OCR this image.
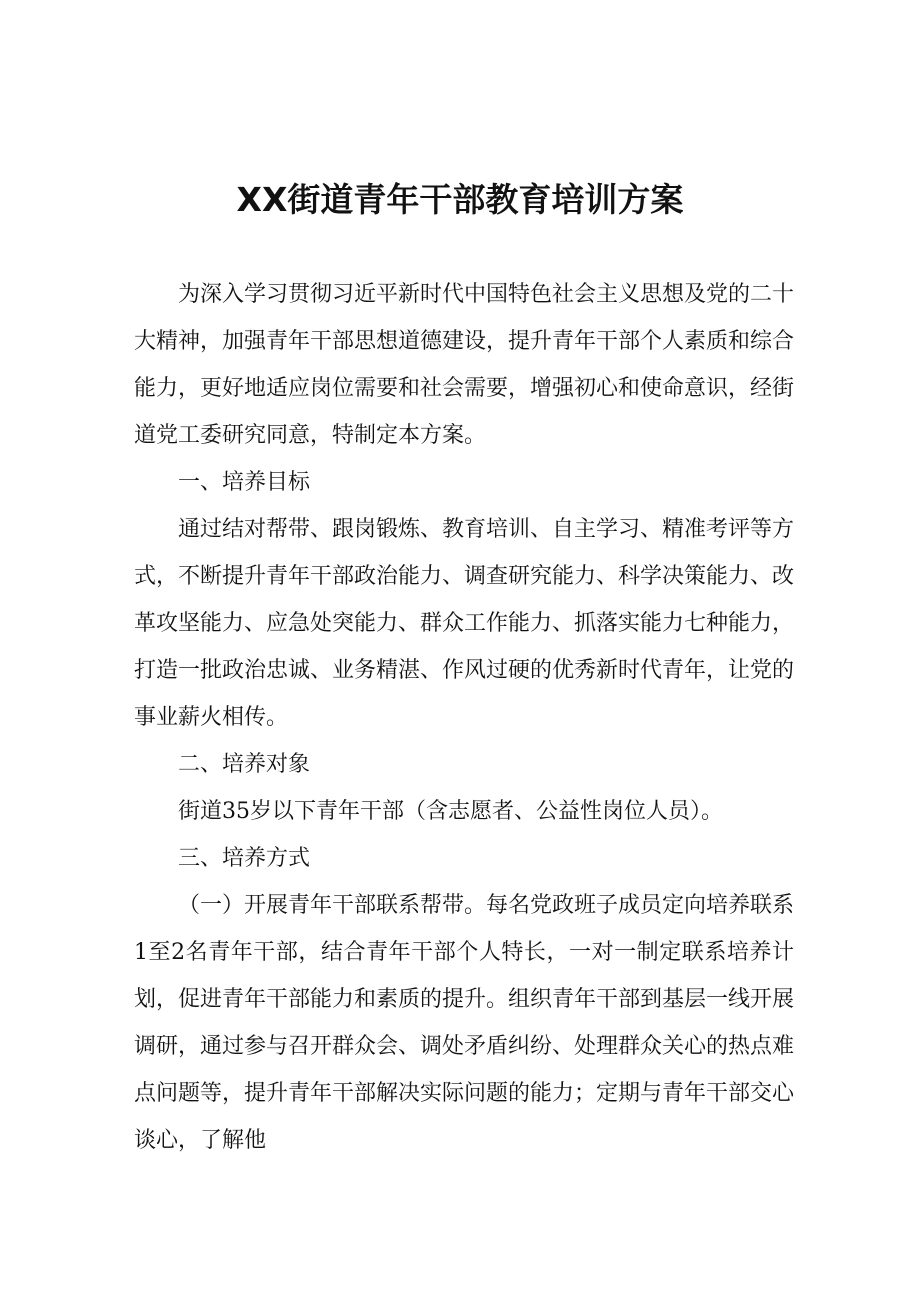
XX街道青年干部教育培训方案

为深入学习贯彻习近平新时代中国特色社会主义思想及党的二十大精神，加强青年干部思想道德建设，提升青年干部个人素质和综合能力，更好地适应岗位需要和社会需要，增强初心和使命意识，经街道党工委研究同意，特制定本方案。

一、培养目标

通过结对帮带、跟岗锻炼、教育培训、自主学习、精准考评等方式，不断提升青年干部政治能力、调查研究能力、科学决策能力、改革攻坚能力、应急处突能力、群众工作能力、抓落实能力七种能力，打造一批政治忠诚、业务精湛、作风过硬的优秀新时代青年，让党的事业薪火相传。

二、培养对象

街道35岁以下青年干部（含志愿者、公益性岗位人员）。

三、培养方式

（一）开展青年干部联系帮带。每名党政班子成员定向培养联系1至2名青年干部，结合青年干部个人特长，一对一制定联系培养计划，促进青年干部能力和素质的提升。组织青年干部到基层一线开展调研，通过参与召开群众会、调处矛盾纠纷、处理群众关心的热点难点问题等，提升青年干部解决实际问题的能力；定期与青年干部交心谈心，了解他
